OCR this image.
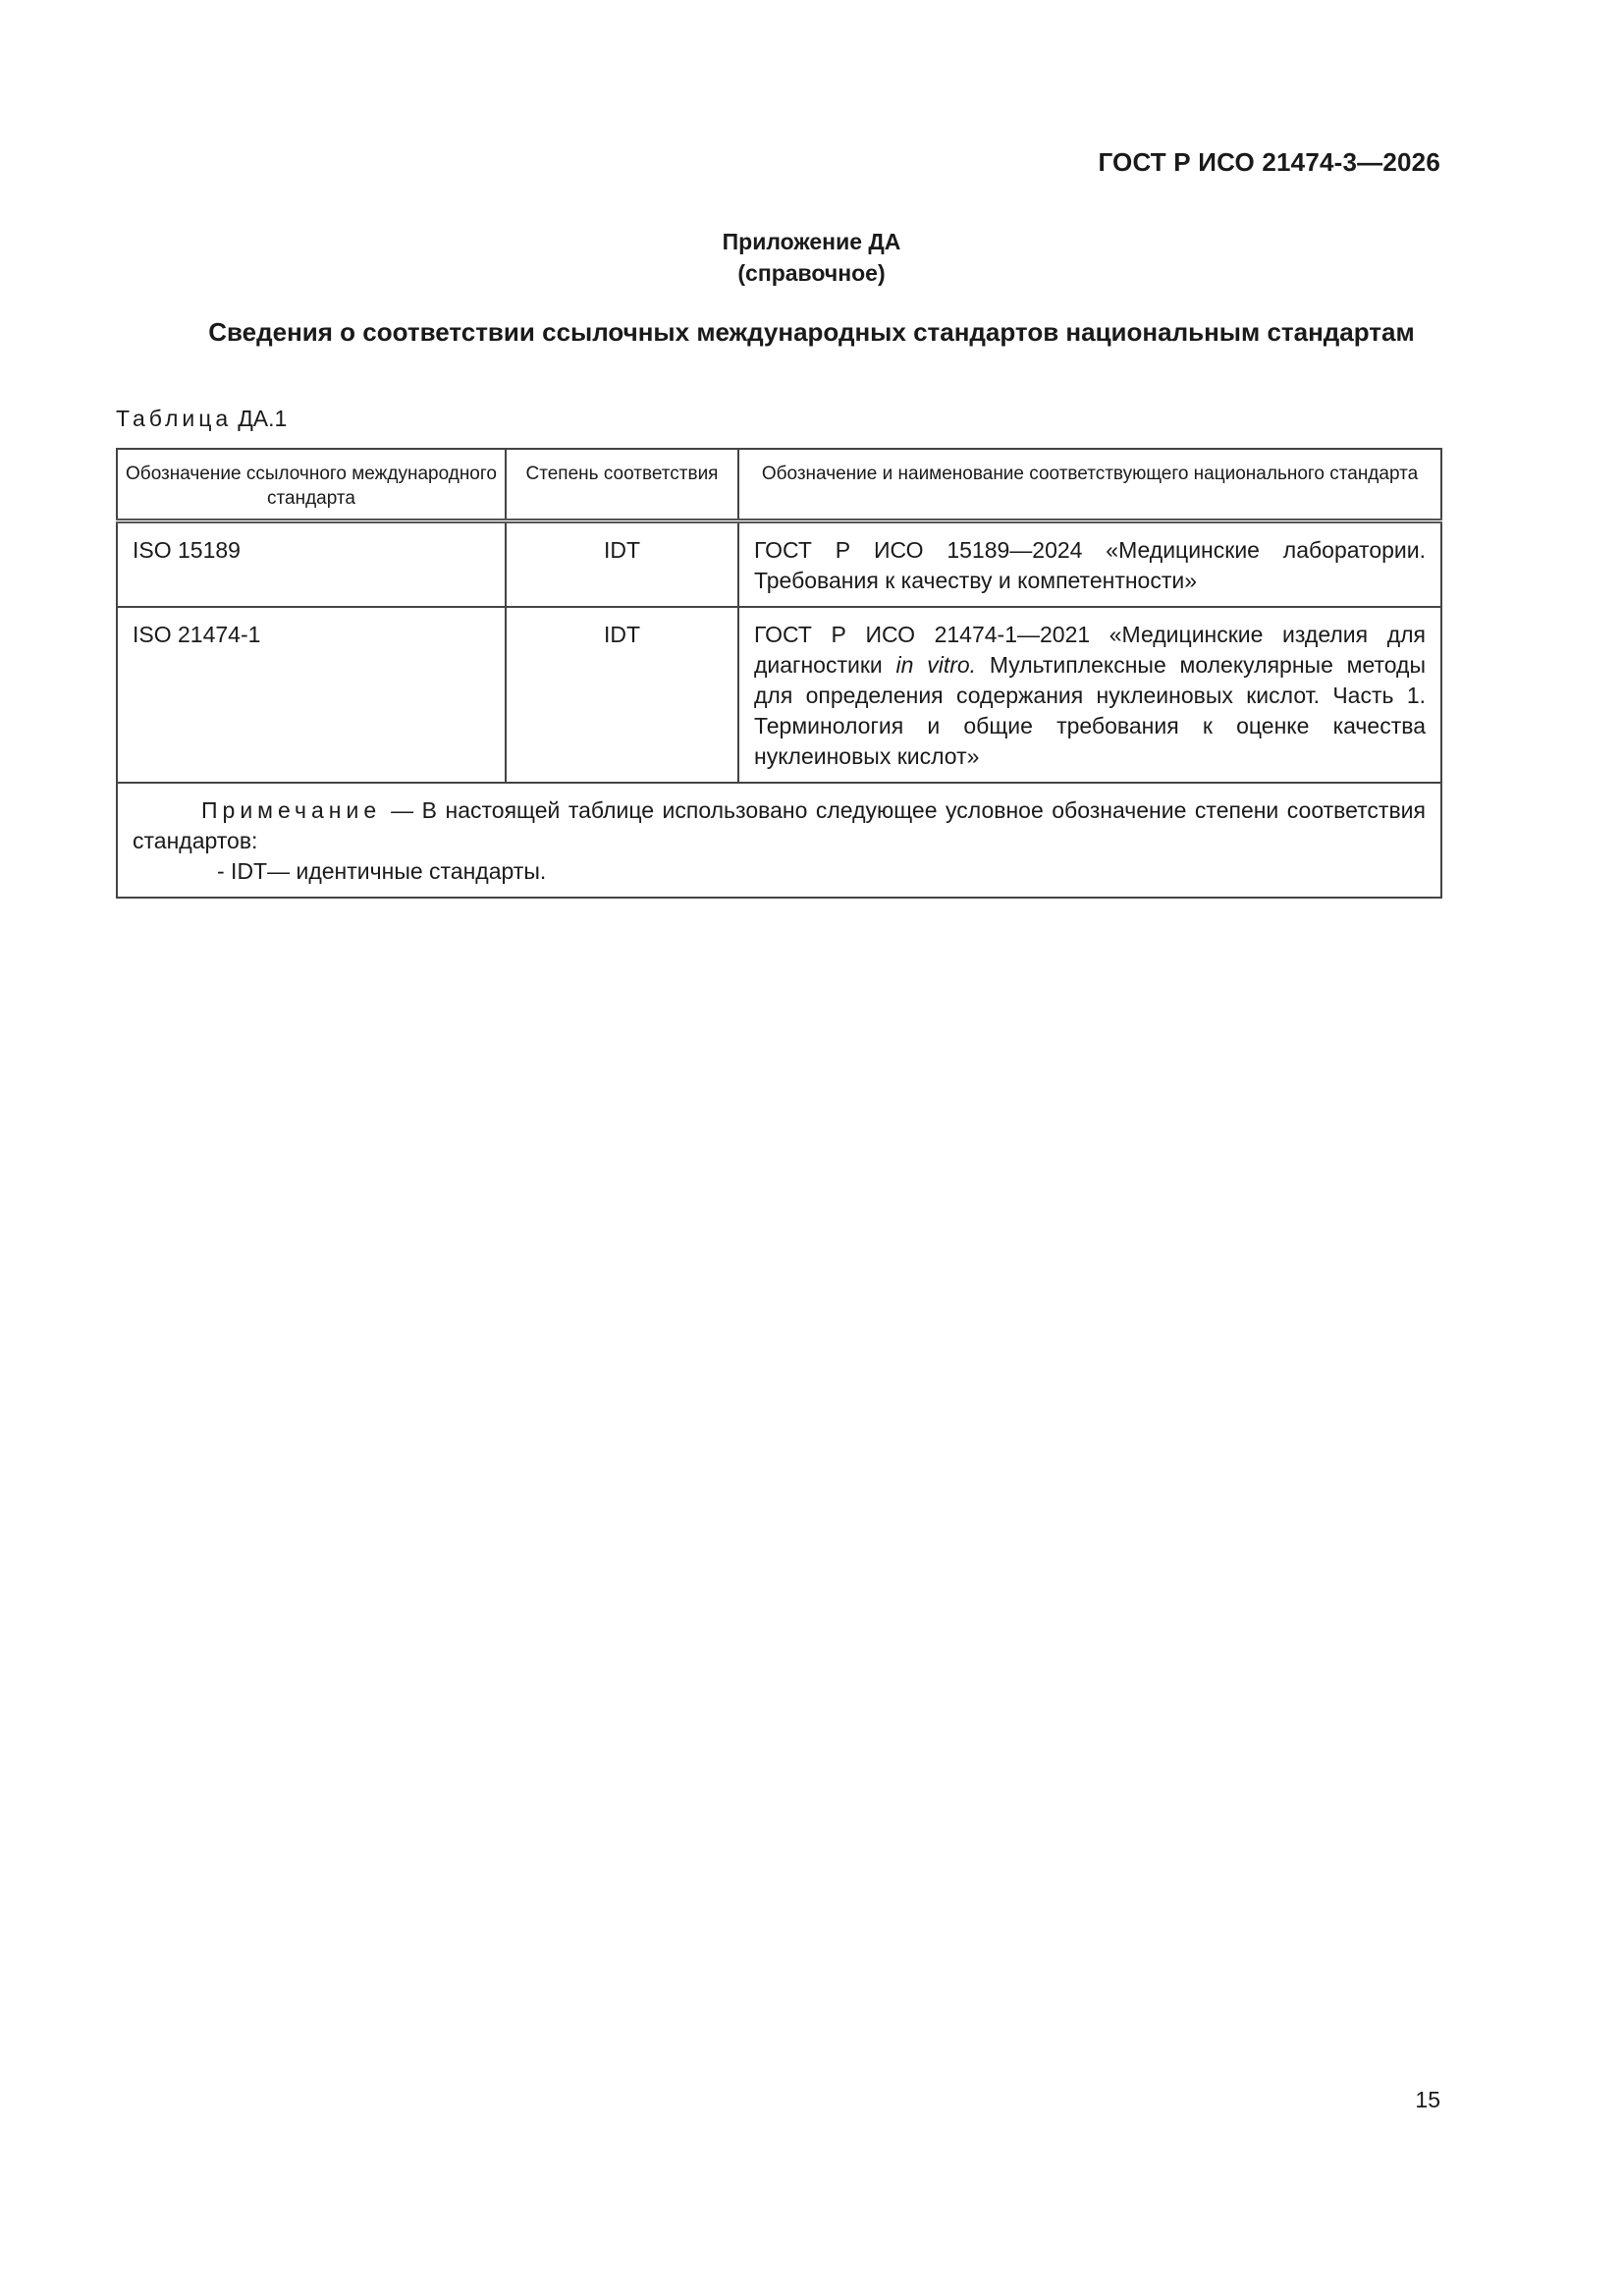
ГОСТ Р ИСО 21474-3—2026
Приложение ДА
(справочное)
Сведения о соответствии ссылочных международных стандартов национальным стандартам
Таблица ДА.1
Обозначение ссылочного международного стандарта	Степень соответствия	Обозначение и наименование соответствующего национального стандарта
ISO 15189	IDT	ГОСТ Р ИСО 15189—2024 «Медицинские лаборатории. Требования к качеству и компетентности»
ISO 21474-1	IDT	ГОСТ Р ИСО 21474-1—2021 «Медицинские изделия для диагностики in vitro. Мультиплексные молекулярные методы для определения содержания нуклеиновых кислот. Часть 1. Терминология и общие требования к оценке качества нуклеиновых кислот»
Примечание — В настоящей таблице использовано следующее условное обозначение степени соответствия стандартов:
- IDT— идентичные стандарты.		
15
